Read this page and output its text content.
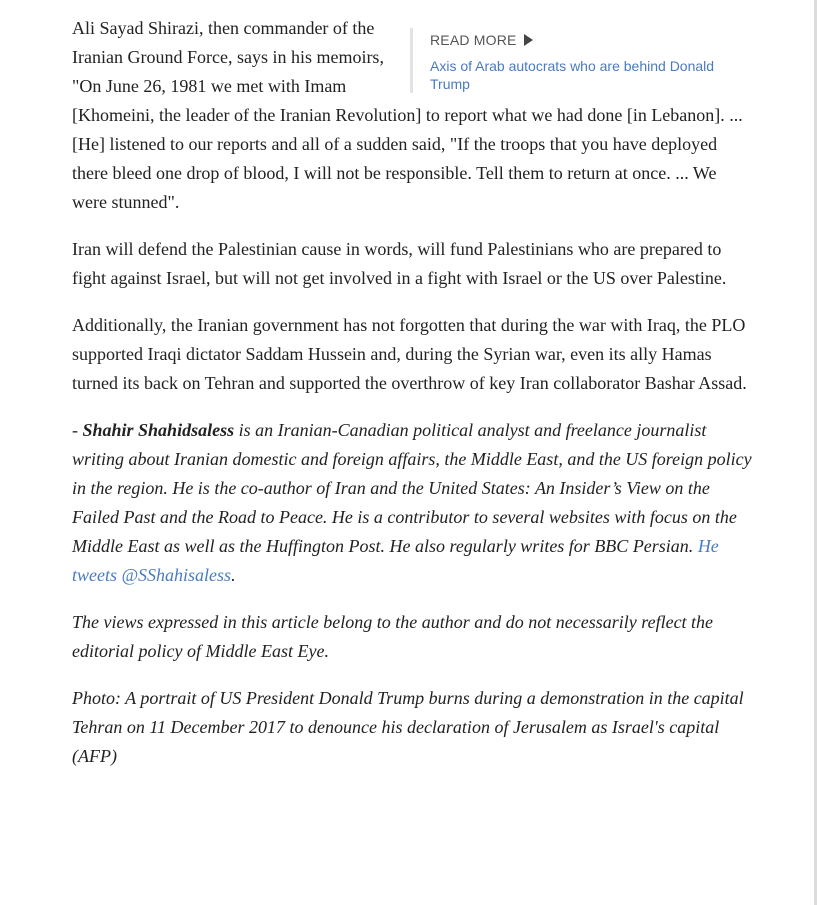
READ MORE
Axis of Arab autocrats who are behind Donald Trump

Ali Sayad Shirazi, then commander of the Iranian Ground Force, says in his memoirs, "On June 26, 1981 we met with Imam [Khomeini, the leader of the Iranian Revolution] to report what we had done [in Lebanon]. ... [He] listened to our reports and all of a sudden said, "If the troops that you have deployed there bleed one drop of blood, I will not be responsible. Tell them to return at once. ... We were stunned".

Iran will defend the Palestinian cause in words, will fund Palestinians who are prepared to fight against Israel, but will not get involved in a fight with Israel or the US over Palestine.

Additionally, the Iranian government has not forgotten that during the war with Iraq, the PLO supported Iraqi dictator Saddam Hussein and, during the Syrian war, even its ally Hamas turned its back on Tehran and supported the overthrow of key Iran collaborator Bashar Assad.

- Shahir Shahidsaless is an Iranian-Canadian political analyst and freelance journalist writing about Iranian domestic and foreign affairs, the Middle East, and the US foreign policy in the region. He is the co-author of Iran and the United States: An Insider’s View on the Failed Past and the Road to Peace. He is a contributor to several websites with focus on the Middle East as well as the Huffington Post. He also regularly writes for BBC Persian. He tweets @SShahisaless.

The views expressed in this article belong to the author and do not necessarily reflect the editorial policy of Middle East Eye.

Photo: A portrait of US President Donald Trump burns during a demonstration in the capital Tehran on 11 December 2017 to denounce his declaration of Jerusalem as Israel's capital (AFP)
